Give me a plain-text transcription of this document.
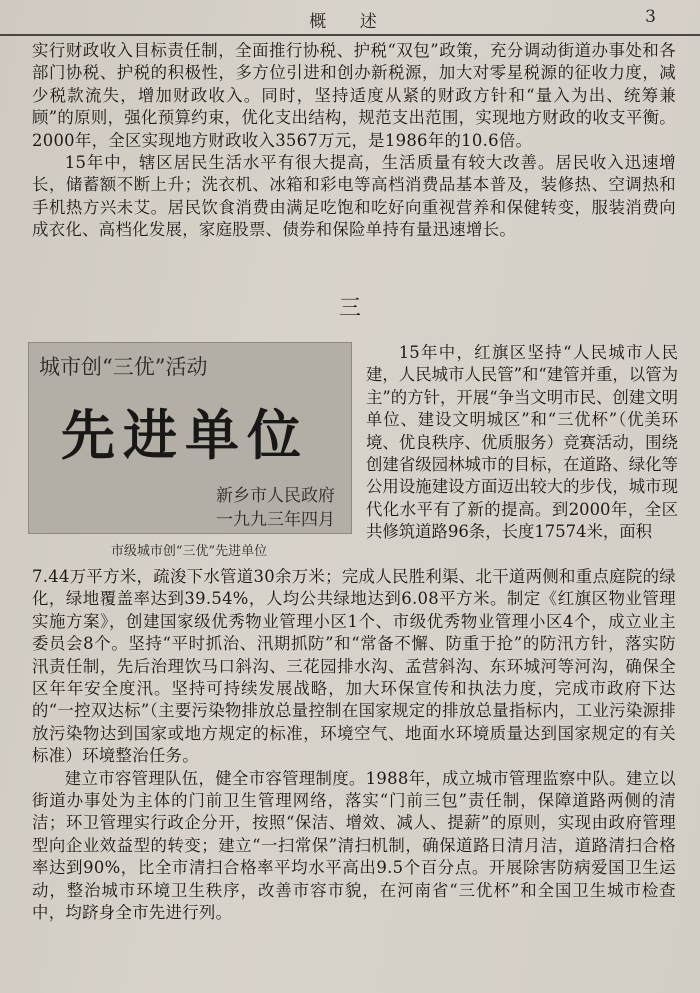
概 述	3

实行财政收入目标责任制，全面推行协税、护税“双包”政策，充分调动街道办事处和各部门协税、护税的积极性，多方位引进和创办新税源，加大对零星税源的征收力度，减少税款流失，增加财政收入。同时，坚持适度从紧的财政方针和“量入为出、统筹兼顾”的原则，强化预算约束，优化支出结构，规范支出范围，实现地方财政的收支平衡。2000年，全区实现地方财政收入3567万元，是1986年的10.6倍。

15年中，辖区居民生活水平有很大提高，生活质量有较大改善。居民收入迅速增长，储蓄额不断上升；洗衣机、冰箱和彩电等高档消费品基本普及，装修热、空调热和手机热方兴未艾。居民饮食消费由满足吃饱和吃好向重视营养和保健转变，服装消费向成衣化、高档化发展，家庭股票、债券和保险单持有量迅速增长。

三
城市创“三优”活动
先进单位
新乡市人民政府
一九九三年四月
市级城市创“三优”先进单位

15年中，红旗区坚持“人民城市人民建，人民城市人民管”和“建管并重，以管为主”的方针，开展“争当文明市民、创建文明单位、建设文明城区”和“三优杯”（优美环境、优良秩序、优质服务）竞赛活动，围绕创建省级园林城市的目标，在道路、绿化等公用设施建设方面迈出较大的步伐，城市现代化水平有了新的提高。到2000年，全区共修筑道路96条，长度17574米，面积

7.44万平方米，疏浚下水管道30余万米；完成人民胜利渠、北干道两侧和重点庭院的绿化，绿地覆盖率达到39.54%，人均公共绿地达到6.08平方米。制定《红旗区物业管理实施方案》，创建国家级优秀物业管理小区1个、市级优秀物业管理小区4个，成立业主委员会8个。坚持“平时抓治、汛期抓防”和“常备不懈、防重于抢”的防汛方针，落实防汛责任制，先后治理饮马口斜沟、三花园排水沟、孟营斜沟、东环城河等河沟，确保全区年年安全度汛。坚持可持续发展战略，加大环保宣传和执法力度，完成市政府下达的“一控双达标”（主要污染物排放总量控制在国家规定的排放总量指标内，工业污染源排放污染物达到国家或地方规定的标准，环境空气、地面水环境质量达到国家规定的有关标准）环境整治任务。

建立市容管理队伍，健全市容管理制度。1988年，成立城市管理监察中队。建立以街道办事处为主体的门前卫生管理网络，落实“门前三包”责任制，保障道路两侧的清洁；环卫管理实行政企分开，按照“保洁、增效、减人、提薪”的原则，实现由政府管理型向企业效益型的转变；建立“一扫常保”清扫机制，确保道路日清月洁，道路清扫合格率达到90%，比全市清扫合格率平均水平高出9.5个百分点。开展除害防病爱国卫生运动，整治城市环境卫生秩序，改善市容市貌，在河南省“三优杯”和全国卫生城市检查中，均跻身全市先进行列。
